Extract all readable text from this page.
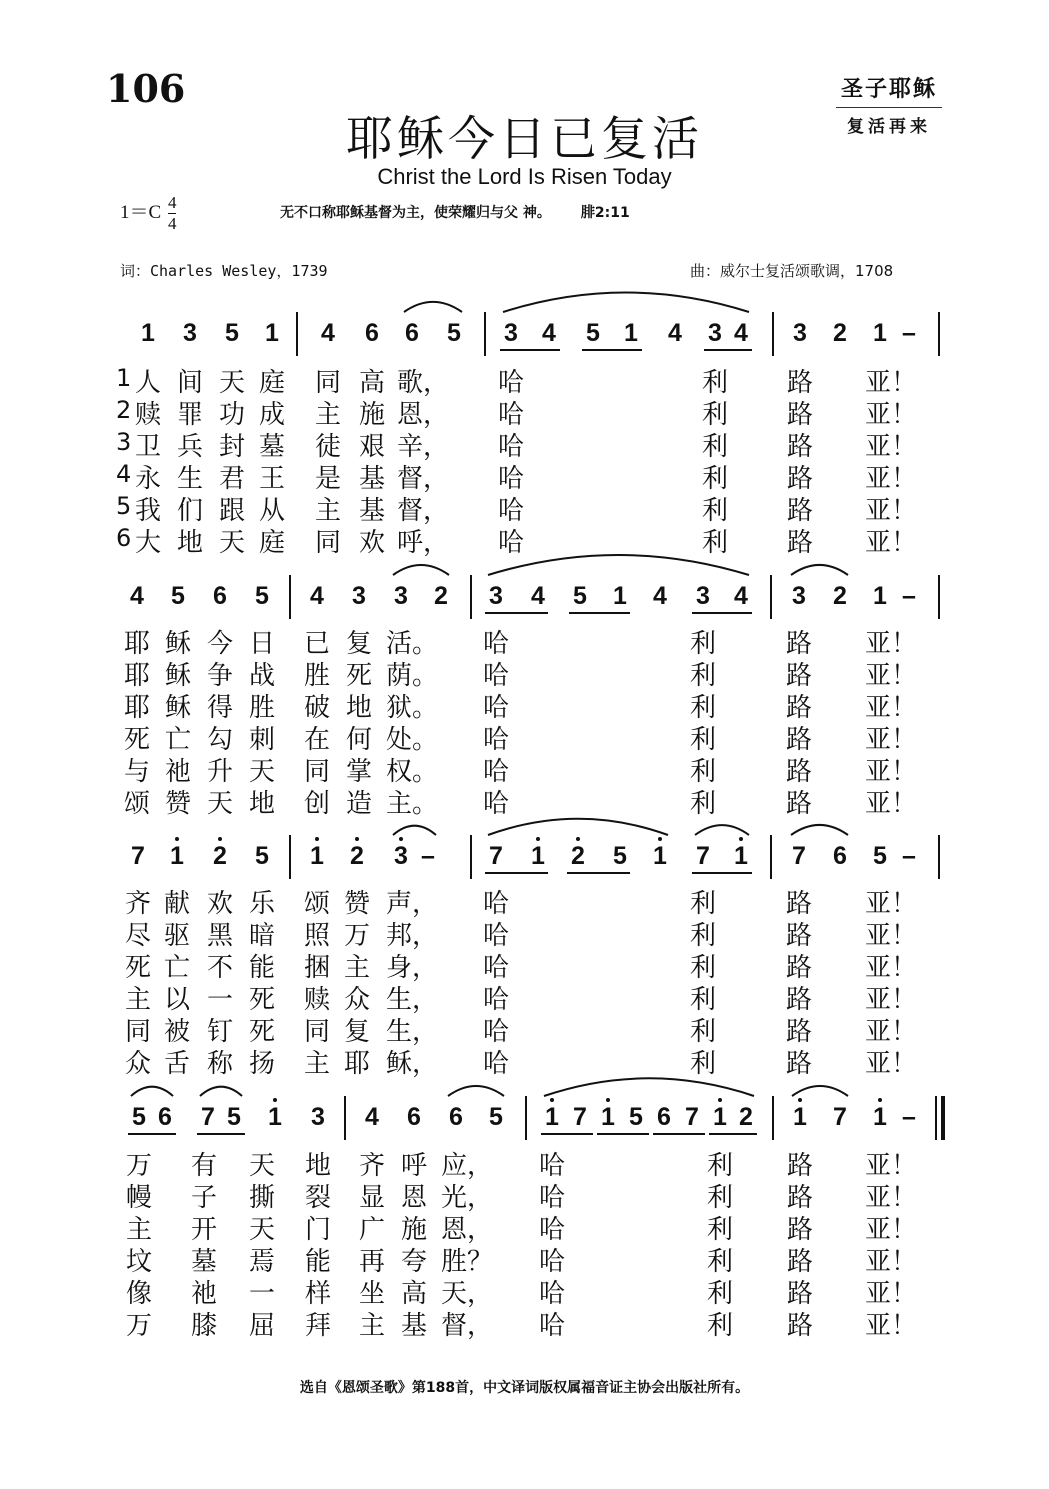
106
耶稣今日已复活
Christ the Lord Is Risen Today
圣子耶稣
复活再来
$1=C \frac{4}{4}$	无不口称耶稣基督为主，使荣耀归与父 神。 腓2:11
词：Charles Wesley，1739	曲：威尔士复活颂歌调，1708
1 3 5 1 4 6 6 5 3 4 5 1 4 3 4 3 2 1 –
1 人 间 天 庭 同 高 歌， 哈	利 路 亚！
2 赎 罪 功 成 主 施 恩， 哈	利 路 亚！
3 卫 兵 封 墓 徒 艰 辛， 哈	利 路 亚！
4 永 生 君 王 是 基 督， 哈	利 路 亚！
5 我 们 跟 从 主 基 督， 哈	利 路 亚！
6 大 地 天 庭 同 欢 呼， 哈	利 路 亚！
4 5 6 5 4 3 3 2 3 4 5 1 4 3 4 3 2 1 –
耶 稣 今 日 已 复 活。 哈	利	路 亚！
耶 稣 争 战 胜 死 荫。 哈	利	路 亚！
耶 稣 得 胜 破 地 狱。 哈	利	路 亚！
死 亡 勾 刺 在 何 处。 哈	利	路 亚！
与 祂 升 天 同 掌 权。 哈	利	路 亚！
颂 赞 天 地 创 造 主。 哈	利	路 亚！
7 1 2 5 1 2 3 – 7 1 2 5 1 7 1 7 6 5 –
齐 献 欢 乐 颂 赞 声， 哈	利	路 亚！
尽 驱 黑 暗 照 万 邦， 哈	利	路 亚！
死 亡 不 能 捆 主 身， 哈	利	路 亚！
主 以 一 死 赎 众 生， 哈	利	路 亚！
同 被 钉 死 同 复 生， 哈	利	路 亚！
众 舌 称 扬 主 耶 稣， 哈	利	路 亚！
5 6 7 5 1 3 4 6 6 5 1 7 1 5 6 7 1 2 1 7 1 –
万 有 天 地 齐 呼 应， 哈	利 路 亚！
幔 子 撕 裂 显 恩 光， 哈	利 路 亚！
主 开 天 门 广 施 恩， 哈	利 路 亚！
坟 墓 焉 能 再 夸 胜？ 哈	利 路 亚！
像 祂 一 样 坐 高 天， 哈	利 路 亚！
万 膝 屈 拜 主 基 督， 哈	利 路 亚！
选自《恩颂圣歌》第188首，中文译词版权属福音证主协会出版社所有。
